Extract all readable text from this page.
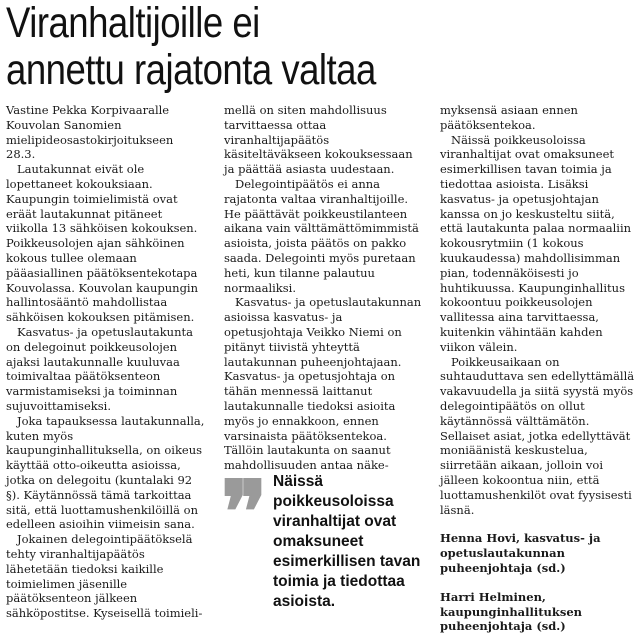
Viranhaltijoille ei
annettu rajatonta valtaa

Vastine Pekka Korpivaaralle Kouvolan Sanomien mielipideosastokirjoitukseen 28.3.

Lautakunnat eivät ole lopettaneet kokouksiaan. Kaupungin toimielimistä ovat eräät lautakunnat pitäneet viikolla 13 sähköisen kokouksen. Poikkeusolojen ajan sähköinen kokous tullee olemaan pääasiallinen päätöksentekotapa Kouvolassa. Kouvolan kaupungin hallintosääntö mahdollistaa sähköisen kokouksen pitämisen.

Kasvatus- ja opetuslautakunta on delegoinut poikkeusolojen ajaksi lautakunnalle kuuluvaa toimivaltaa päätöksenteon varmistamiseksi ja toiminnan sujuvoittamiseksi.

Joka tapauksessa lautakunnalla, kuten myös kaupunginhallituksella, on oikeus käyttää otto-oikeutta asioissa, jotka on delegoitu (kuntalaki 92 §). Käytännössä tämä tarkoittaa sitä, että luottamushenkilöillä on edelleen asioihin viimeisin sana.

Jokainen delegointipäätökselä tehty viranhaltijapäätös lähetetään tiedoksi kaikille toimielimen jäsenille päätöksenteon jälkeen sähköpostitse. Kyseisellä toimieli-

mellä on siten mahdollisuus tarvittaessa ottaa viranhaltijapäätös käsiteltäväkseen kokouksessaan ja päättää asiasta uudestaan.

Delegointipäätös ei anna rajatonta valtaa viranhaltijoille. He päättävät poikkeustilanteen aikana vain välttämättömimmistä asioista, joista päätös on pakko saada. Delegointi myös puretaan heti, kun tilanne palautuu normaaliksi.

Kasvatus- ja opetuslautakunnan asioissa kasvatus- ja opetusjohtaja Veikko Niemi on pitänyt tiivistä yhteyttä lautakunnan puheenjohtajaan. Kasvatus- ja opetusjohtaja on tähän mennessä laittanut lautakunnalle tiedoksi asioita myös jo ennakkoon, ennen varsinaista päätöksentekoa. Tällöin lautakunta on saanut mahdollisuuden antaa näke-

❞ Näissä poikkeusoloissa viranhaltijat ovat omaksuneet esimerkillisen tavan toimia ja tiedottaa asioista.

myksensä asiaan ennen päätöksentekoa.

Näissä poikkeusoloissa viranhaltijat ovat omaksuneet esimerkillisen tavan toimia ja tiedottaa asioista. Lisäksi kasvatus- ja opetusjohtajan kanssa on jo keskusteltu siitä, että lautakunta palaa normaaliin kokousrytmiin (1 kokous kuukaudessa) mahdollisimman pian, todennäköisesti jo huhtikuussa. Kaupunginhallitus kokoontuu poikkeusolojen vallitessa aina tarvittaessa, kuitenkin vähintään kahden viikon välein.

Poikkeusaikaan on suhtauduttava sen edellyttämällä vakavuudella ja siitä syystä myös delegointipäätös on ollut käytännössä välttämätön. Sellaiset asiat, jotka edellyttävät moniäänistä keskustelua, siirretään aikaan, jolloin voi jälleen kokoontua niin, että luottamushenkilöt ovat fyysisesti läsnä.

Henna Hovi, kasvatus- ja opetuslautakunnan puheenjohtaja (sd.)
Harri Helminen, kaupunginhallituksen puheenjohtaja (sd.)
